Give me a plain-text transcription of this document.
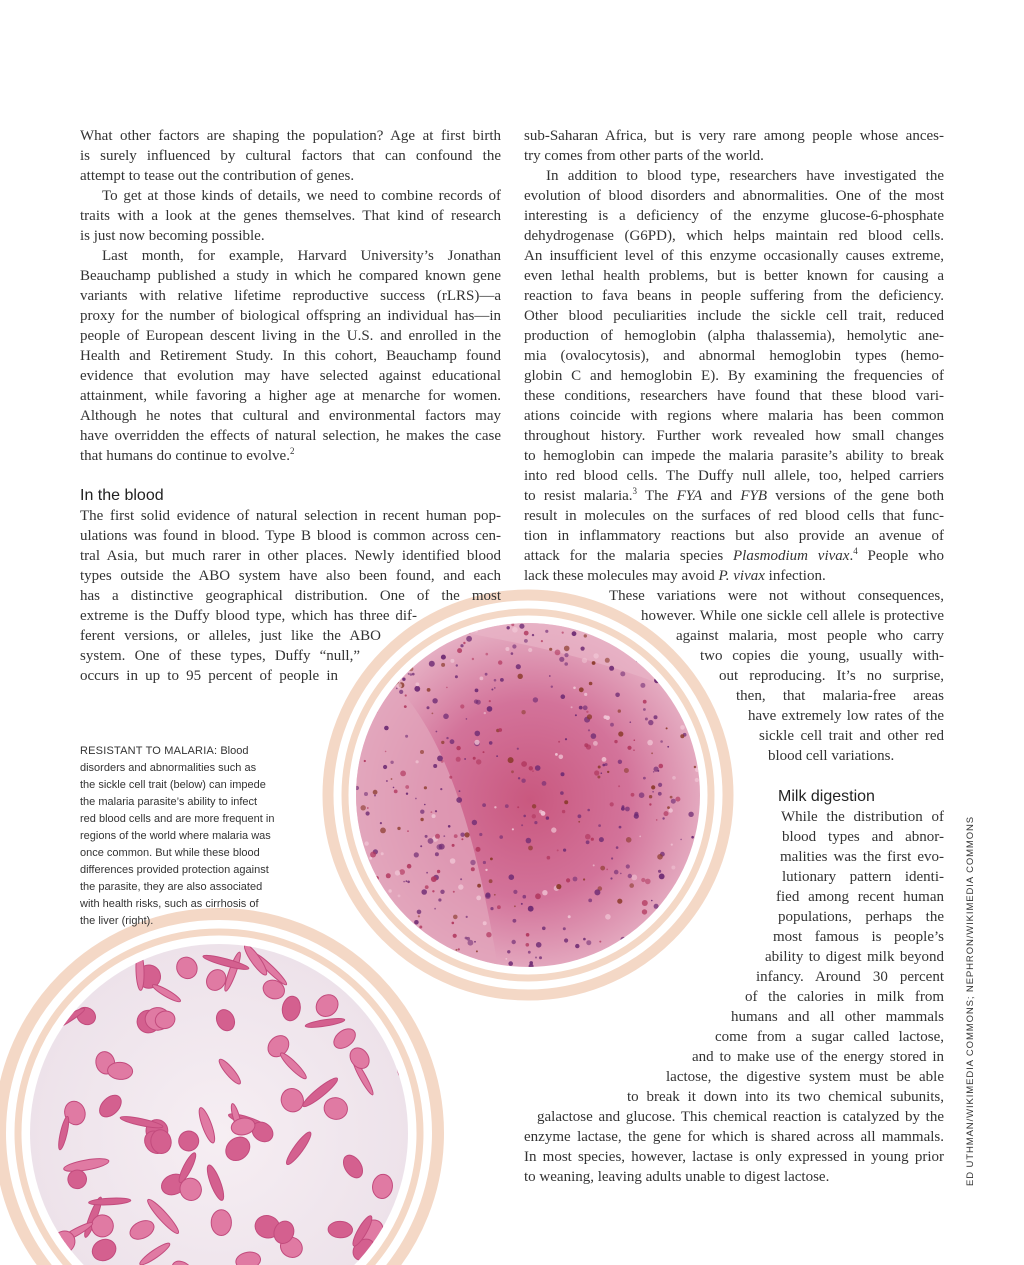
What other factors are shaping the population? Age at first birth
is surely influenced by cultural factors that can confound the
attempt to tease out the contribution of genes.
To get at those kinds of details, we need to combine records of
traits with a look at the genes themselves. That kind of research
is just now becoming possible.
Last month, for example, Harvard University’s Jonathan
Beauchamp published a study in which he compared known gene
variants with relative lifetime reproductive success (rLRS)—a
proxy for the number of biological offspring an individual has—in
people of European descent living in the U.S. and enrolled in the
Health and Retirement Study. In this cohort, Beauchamp found
evidence that evolution may have selected against educational
attainment, while favoring a higher age at menarche for women.
Although he notes that cultural and environmental factors may
have overridden the effects of natural selection, he makes the case
that humans do continue to evolve.$^2$
In the blood
The first solid evidence of natural selection in recent human pop-
ulations was found in blood. Type B blood is common across cen-
tral Asia, but much rarer in other places. Newly identified blood
types outside the ABO system have also been found, and each
has a distinctive geographical distribution. One of the most
extreme is the Duffy blood type, which has three dif-
ferent versions, or alleles, just like the ABO
system. One of these types, Duffy “null,”
occurs in up to 95 percent of people in
sub-Saharan Africa, but is very rare among people whose ances-
try comes from other parts of the world.
In addition to blood type, researchers have investigated the
evolution of blood disorders and abnormalities. One of the most
interesting is a deficiency of the enzyme glucose-6-phosphate
dehydrogenase (G6PD), which helps maintain red blood cells.
An insufficient level of this enzyme occasionally causes extreme,
even lethal health problems, but is better known for causing a
reaction to fava beans in people suffering from the deficiency.
Other blood peculiarities include the sickle cell trait, reduced
production of hemoglobin (alpha thalassemia), hemolytic ane-
mia (ovalocytosis), and abnormal hemoglobin types (hemo-
globin C and hemoglobin E). By examining the frequencies of
these conditions, researchers have found that these blood vari-
ations coincide with regions where malaria has been common
throughout history. Further work revealed how small changes
to hemoglobin can impede the malaria parasite’s ability to break
into red blood cells. The Duffy null allele, too, helped carriers
to resist malaria.$^3$ The FYA and FYB versions of the gene both
result in molecules on the surfaces of red blood cells that func-
tion in inflammatory reactions but also provide an avenue of
attack for the malaria species Plasmodium vivax.$^4$ People who
lack these molecules may avoid P. vivax infection.
These variations were not without consequences,
however. While one sickle cell allele is protective
against malaria, most people who carry
two copies die young, usually with-
out reproducing. It’s no surprise,
then, that malaria-free areas
have extremely low rates of the
sickle cell trait and other red
blood cell variations.
Milk digestion
While the distribution of
blood types and abnor-
malities was the first evo-
lutionary pattern identi-
fied among recent human
populations, perhaps the
most famous is people’s
ability to digest milk beyond
infancy. Around 30 percent
of the calories in milk from
humans and all other mammals
come from a sugar called lactose,
and to make use of the energy stored in
lactose, the digestive system must be able
to break it down into its two chemical subunits,
galactose and glucose. This chemical reaction is catalyzed by the
enzyme lactase, the gene for which is shared across all mammals.
In most species, however, lactase is only expressed in young prior
to weaning, leaving adults unable to digest lactose.
RESISTANT TO MALARIA: Blood
disorders and abnormalities such as
the sickle cell trait (below) can impede
the malaria parasite’s ability to infect
red blood cells and are more frequent in
regions of the world where malaria was
once common. But while these blood
differences provided protection against
the parasite, they are also associated
with health risks, such as cirrhosis of
the liver (right).	ED UTHMAN/WIKIMEDIA COMMONS; NEPHRON/WIKIMEDIA COMMONS
